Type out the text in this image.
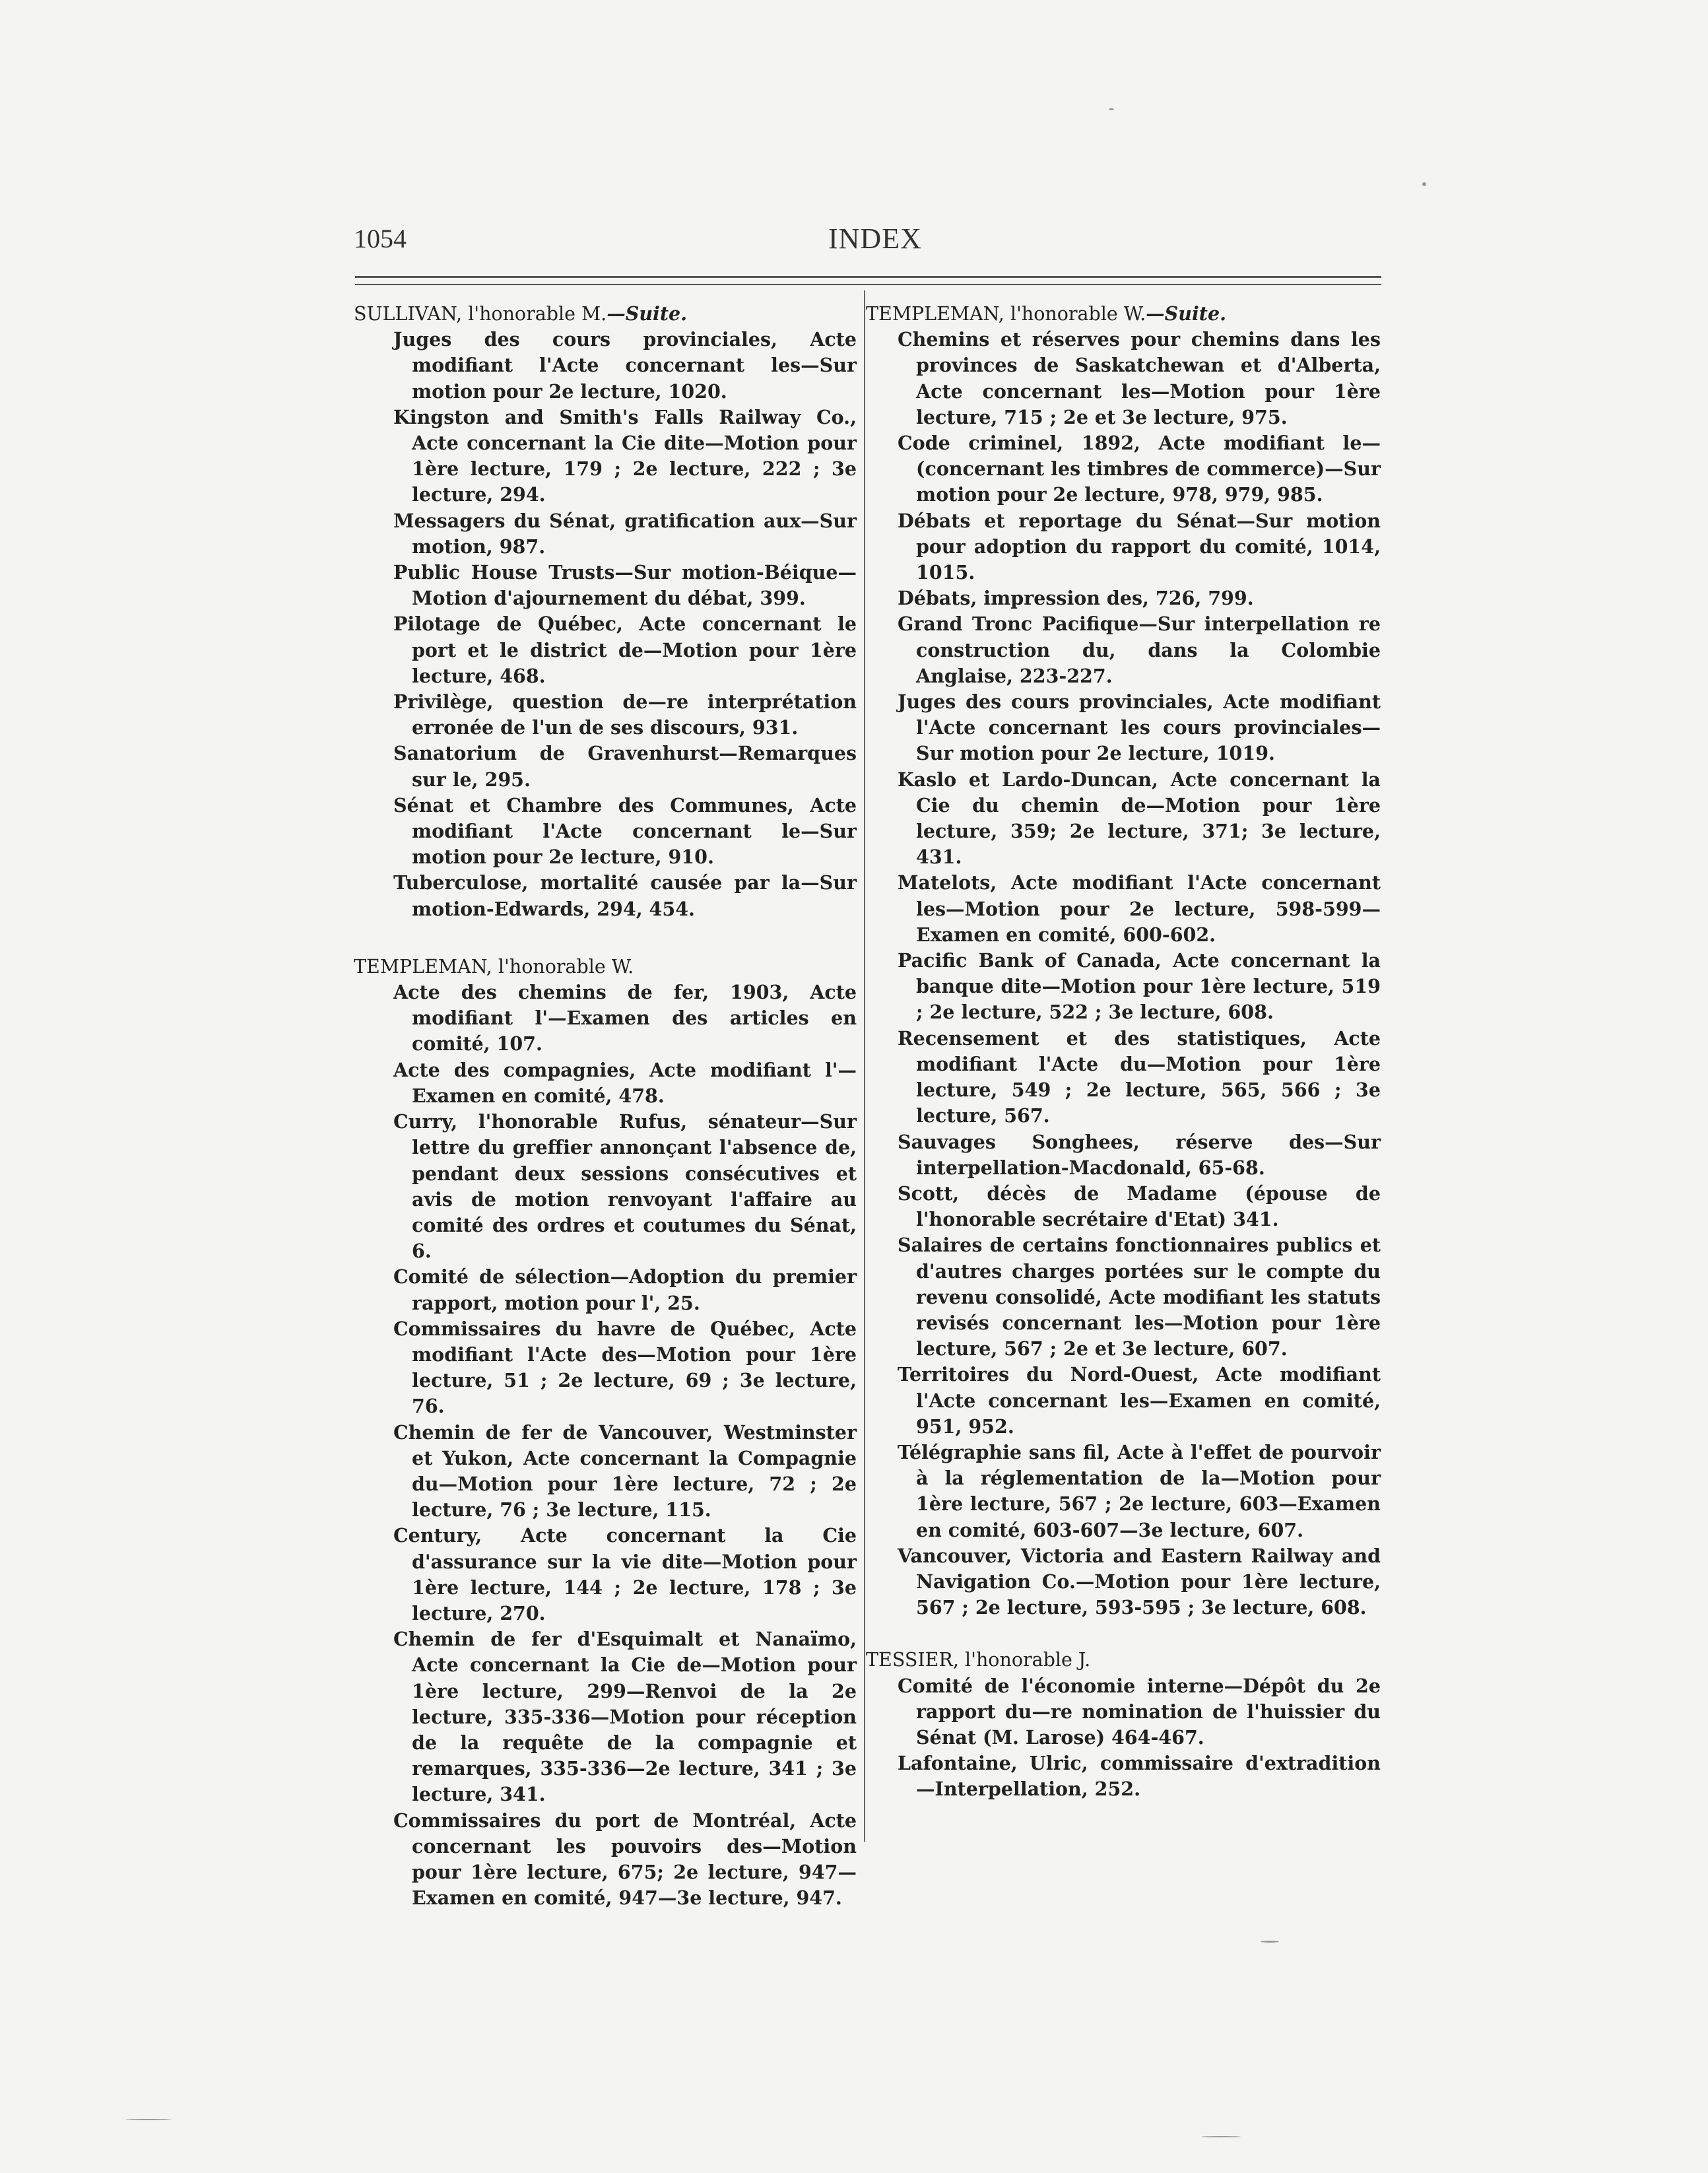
1054	INDEX
SULLIVAN, l'honorable M.—Suite.
Juges des cours provinciales, Acte modifiant l'Acte concernant les—Sur motion pour 2e lecture, 1020.
Kingston and Smith's Falls Railway Co., Acte concernant la Cie dite—Motion pour 1ère lecture, 179 ; 2e lecture, 222 ; 3e lecture, 294.
Messagers du Sénat, gratification aux—Sur motion, 987.
Public House Trusts—Sur motion-Béique—Motion d'ajournement du débat, 399.
Pilotage de Québec, Acte concernant le port et le district de—Motion pour 1ère lecture, 468.
Privilège, question de—re interprétation erronée de l'un de ses discours, 931.
Sanatorium de Gravenhurst—Remarques sur le, 295.
Sénat et Chambre des Communes, Acte modifiant l'Acte concernant le—Sur motion pour 2e lecture, 910.
Tuberculose, mortalité causée par la—Sur motion-Edwards, 294, 454.
TEMPLEMAN, l'honorable W.
Acte des chemins de fer, 1903, Acte modifiant l'—Examen des articles en comité, 107.
Acte des compagnies, Acte modifiant l'—Examen en comité, 478.
Curry, l'honorable Rufus, sénateur—Sur lettre du greffier annonçant l'absence de, pendant deux sessions consécutives et avis de motion renvoyant l'affaire au comité des ordres et coutumes du Sénat, 6.
Comité de sélection—Adoption du premier rapport, motion pour l', 25.
Commissaires du havre de Québec, Acte modifiant l'Acte des—Motion pour 1ère lecture, 51 ; 2e lecture, 69 ; 3e lecture, 76.
Chemin de fer de Vancouver, Westminster et Yukon, Acte concernant la Compagnie du—Motion pour 1ère lecture, 72 ; 2e lecture, 76 ; 3e lecture, 115.
Century, Acte concernant la Cie d'assurance sur la vie dite—Motion pour 1ère lecture, 144 ; 2e lecture, 178 ; 3e lecture, 270.
Chemin de fer d'Esquimalt et Nanaïmo, Acte concernant la Cie de—Motion pour 1ère lecture, 299—Renvoi de la 2e lecture, 335-336—Motion pour réception de la requête de la compagnie et remarques, 335-336—2e lecture, 341 ; 3e lecture, 341.
Commissaires du port de Montréal, Acte concernant les pouvoirs des—Motion pour 1ère lecture, 675; 2e lecture, 947—Examen en comité, 947—3e lecture, 947.
TEMPLEMAN, l'honorable W.—Suite.
Chemins et réserves pour chemins dans les provinces de Saskatchewan et d'Alberta, Acte concernant les—Motion pour 1ère lecture, 715 ; 2e et 3e lecture, 975.
Code criminel, 1892, Acte modifiant le—(concernant les timbres de commerce)—Sur motion pour 2e lecture, 978, 979, 985.
Débats et reportage du Sénat—Sur motion pour adoption du rapport du comité, 1014, 1015.
Débats, impression des, 726, 799.
Grand Tronc Pacifique—Sur interpellation re construction du, dans la Colombie Anglaise, 223-227.
Juges des cours provinciales, Acte modifiant l'Acte concernant les cours provinciales—Sur motion pour 2e lecture, 1019.
Kaslo et Lardo-Duncan, Acte concernant la Cie du chemin de—Motion pour 1ère lecture, 359; 2e lecture, 371; 3e lecture, 431.
Matelots, Acte modifiant l'Acte concernant les—Motion pour 2e lecture, 598-599—Examen en comité, 600-602.
Pacific Bank of Canada, Acte concernant la banque dite—Motion pour 1ère lecture, 519 ; 2e lecture, 522 ; 3e lecture, 608.
Recensement et des statistiques, Acte modifiant l'Acte du—Motion pour 1ère lecture, 549 ; 2e lecture, 565, 566 ; 3e lecture, 567.
Sauvages Songhees, réserve des—Sur interpellation-Macdonald, 65-68.
Scott, décès de Madame (épouse de l'honorable secrétaire d'Etat) 341.
Salaires de certains fonctionnaires publics et d'autres charges portées sur le compte du revenu consolidé, Acte modifiant les statuts revisés concernant les—Motion pour 1ère lecture, 567 ; 2e et 3e lecture, 607.
Territoires du Nord-Ouest, Acte modifiant l'Acte concernant les—Examen en comité, 951, 952.
Télégraphie sans fil, Acte à l'effet de pourvoir à la réglementation de la—Motion pour 1ère lecture, 567 ; 2e lecture, 603—Examen en comité, 603-607—3e lecture, 607.
Vancouver, Victoria and Eastern Railway and Navigation Co.—Motion pour 1ère lecture, 567 ; 2e lecture, 593-595 ; 3e lecture, 608.
TESSIER, l'honorable J.
Comité de l'économie interne—Dépôt du 2e rapport du—re nomination de l'huissier du Sénat (M. Larose) 464-467.
Lafontaine, Ulric, commissaire d'extradition—Interpellation, 252.
